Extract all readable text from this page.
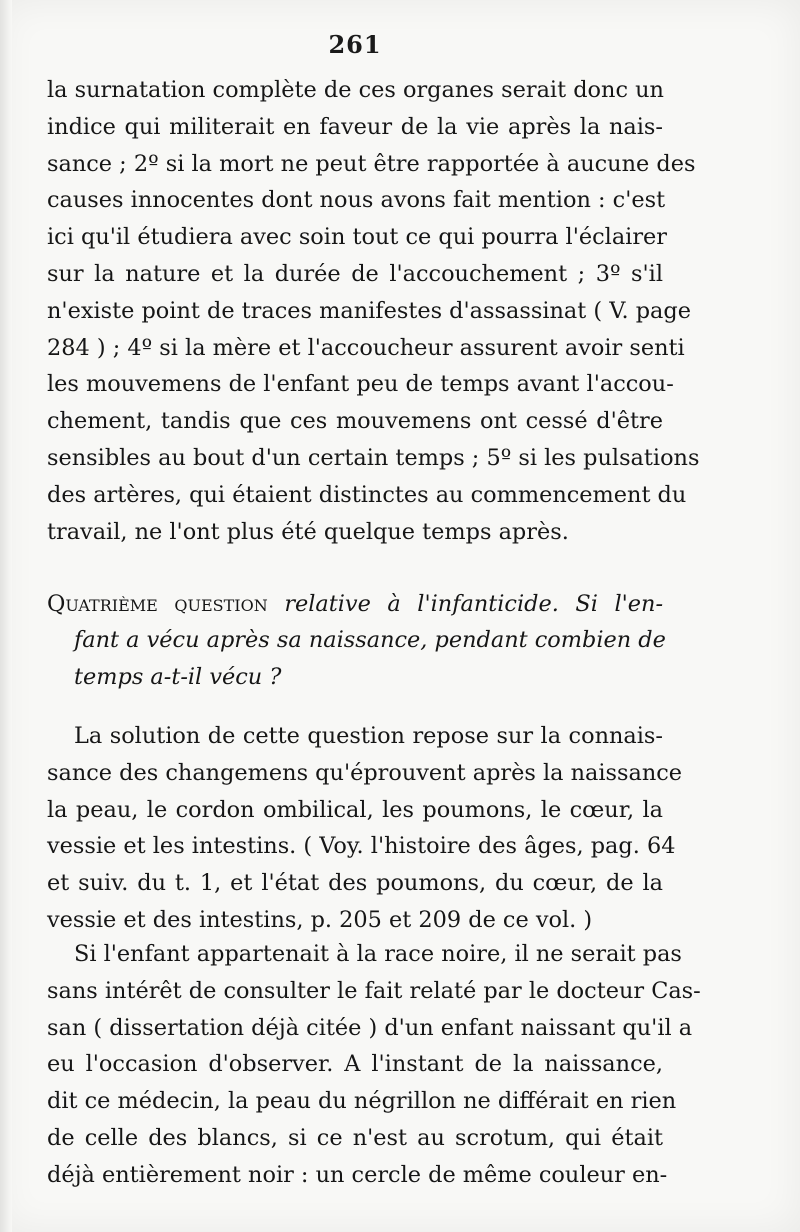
261
la surnatation complète de ces organes serait donc un
indice qui militerait en faveur de la vie après la nais-
sance ; 2º si la mort ne peut être rapportée à aucune des
causes innocentes dont nous avons fait mention : c'est
ici qu'il étudiera avec soin tout ce qui pourra l'éclairer
sur la nature et la durée de l'accouchement ; 3º s'il
n'existe point de traces manifestes d'assassinat ( V. page
284 ) ; 4º si la mère et l'accoucheur assurent avoir senti
les mouvemens de l'enfant peu de temps avant l'accou-
chement, tandis que ces mouvemens ont cessé d'être
sensibles au bout d'un certain temps ; 5º si les pulsations
des artères, qui étaient distinctes au commencement du
travail, ne l'ont plus été quelque temps après.
Quatrième question relative à l'infanticide. Si l'en-
fant a vécu après sa naissance, pendant combien de
temps a-t-il vécu ?
La solution de cette question repose sur la connais-
sance des changemens qu'éprouvent après la naissance
la peau, le cordon ombilical, les poumons, le cœur, la
vessie et les intestins. ( Voy. l'histoire des âges, pag. 64
et suiv. du t. 1, et l'état des poumons, du cœur, de la
vessie et des intestins, p. 205 et 209 de ce vol. )
Si l'enfant appartenait à la race noire, il ne serait pas
sans intérêt de consulter le fait relaté par le docteur Cas-
san ( dissertation déjà citée ) d'un enfant naissant qu'il a
eu l'occasion d'observer. A l'instant de la naissance,
dit ce médecin, la peau du négrillon ne différait en rien
de celle des blancs, si ce n'est au scrotum, qui était
déjà entièrement noir : un cercle de même couleur en-
